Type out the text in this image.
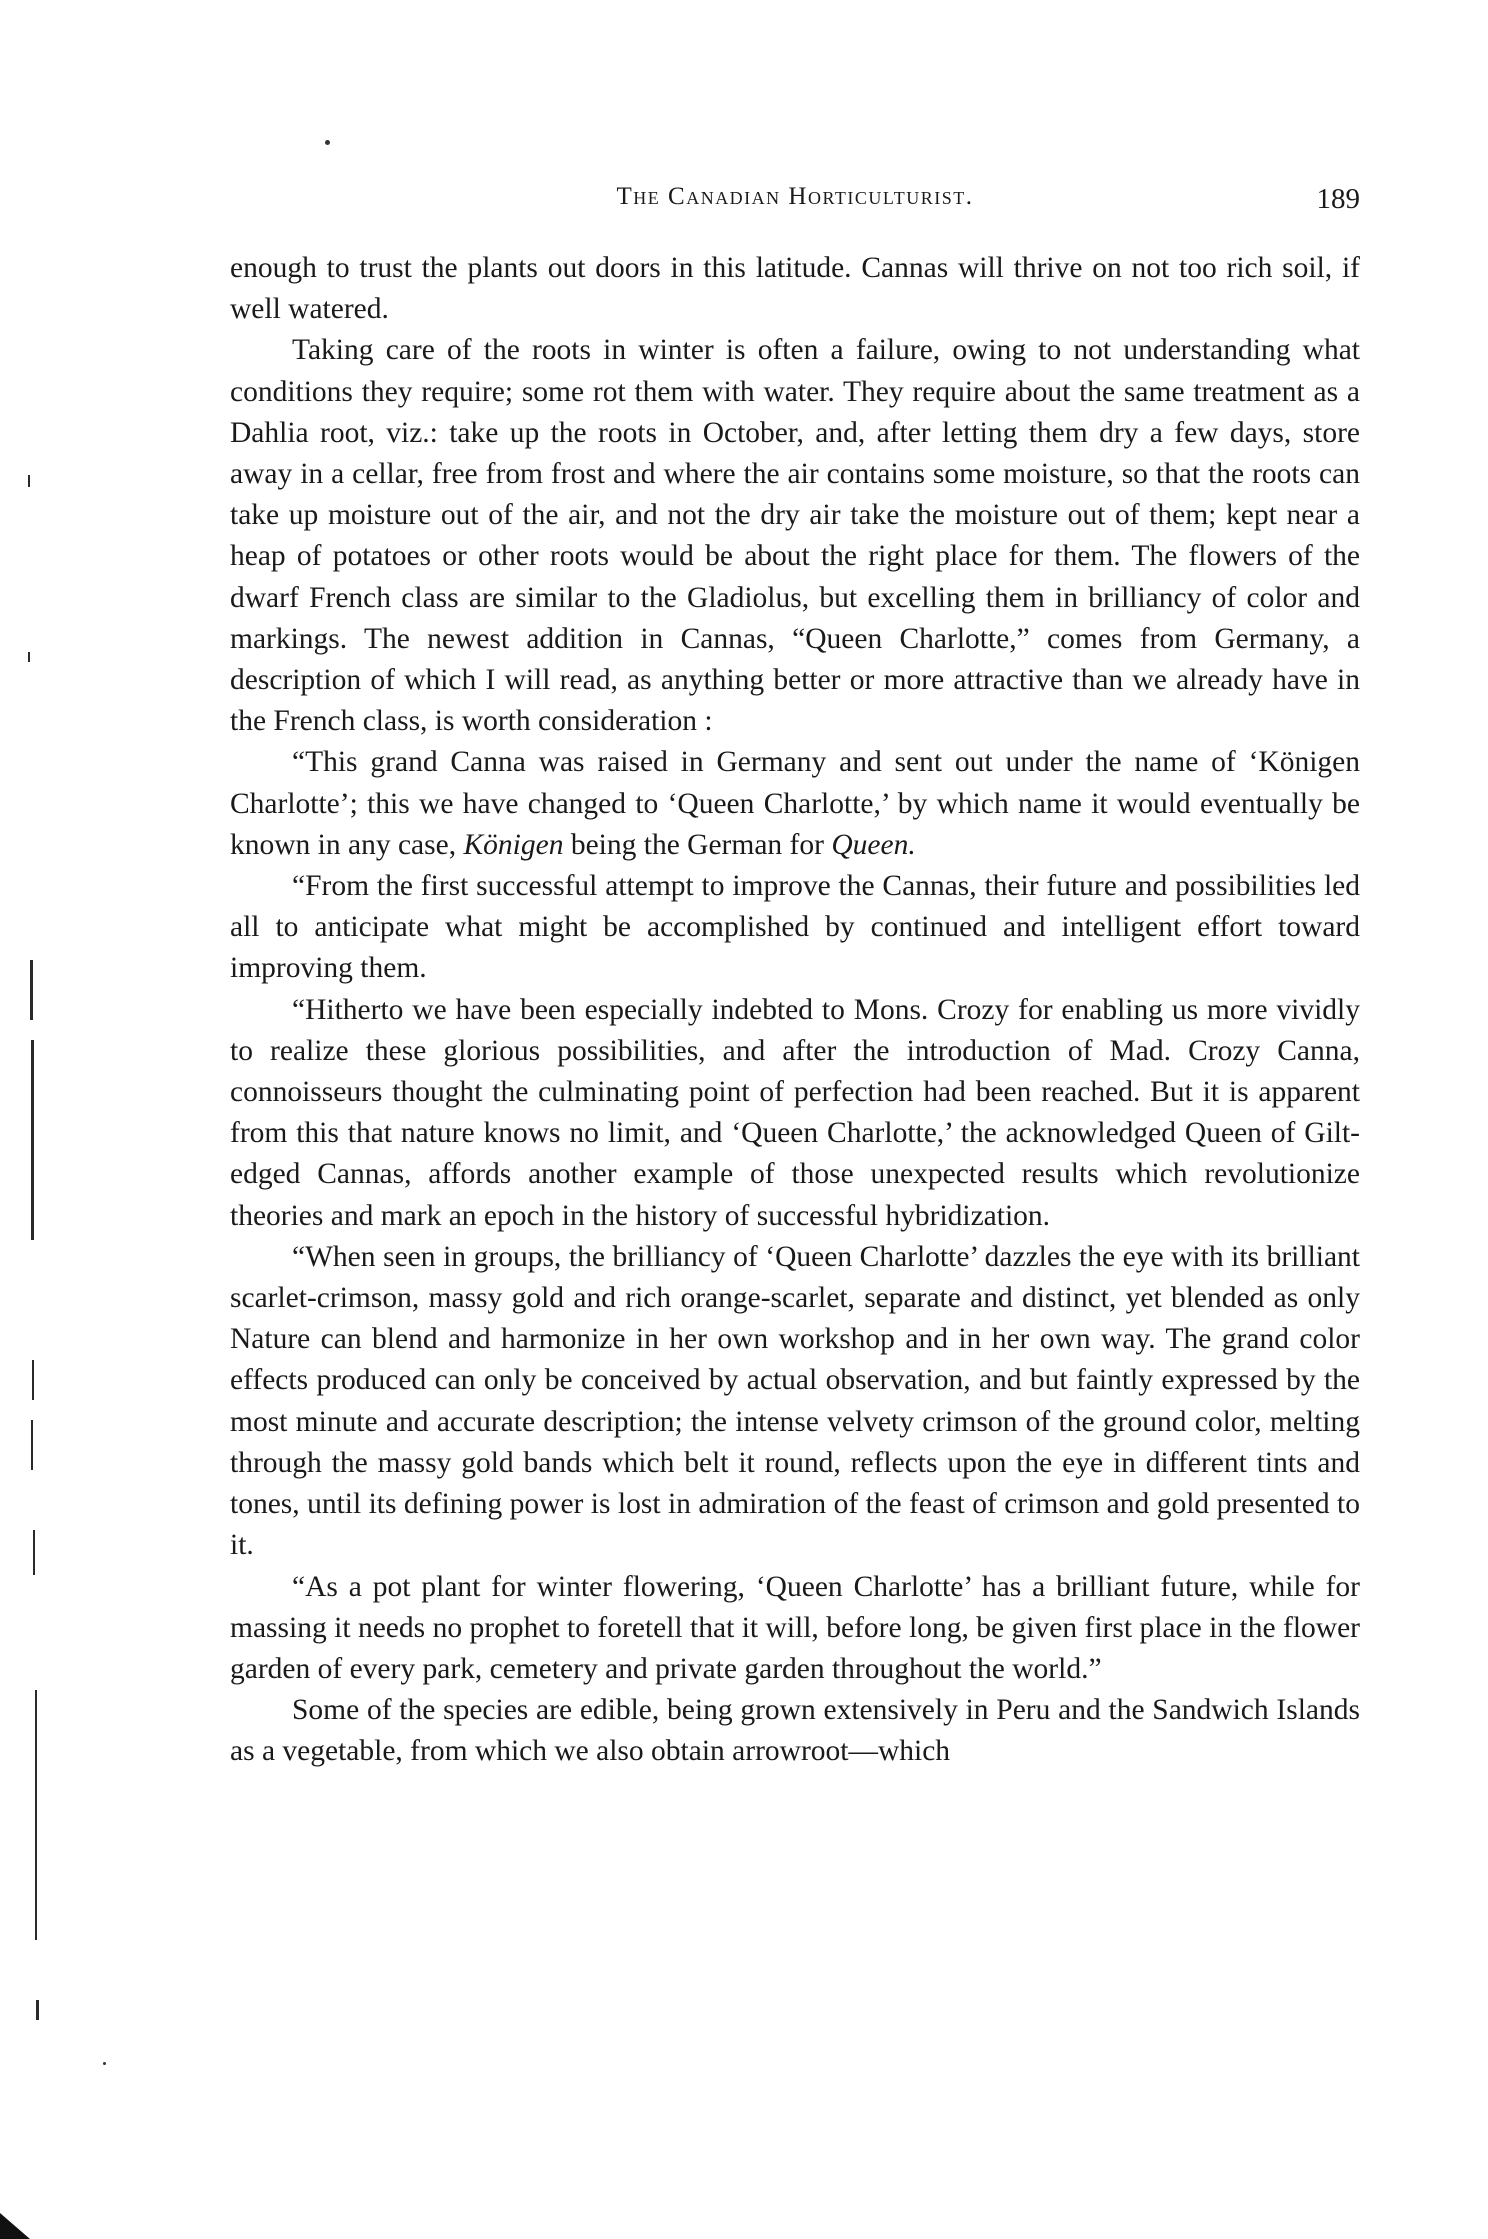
The Canadian Horticulturist.	189

enough to trust the plants out doors in this latitude. Cannas will thrive on not too rich soil, if well watered.

Taking care of the roots in winter is often a failure, owing to not understanding what conditions they require; some rot them with water. They require about the same treatment as a Dahlia root, viz.: take up the roots in October, and, after letting them dry a few days, store away in a cellar, free from frost and where the air contains some moisture, so that the roots can take up moisture out of the air, and not the dry air take the moisture out of them; kept near a heap of potatoes or other roots would be about the right place for them. The flowers of the dwarf French class are similar to the Gladiolus, but excelling them in brilliancy of color and markings. The newest addition in Cannas, “Queen Charlotte,” comes from Germany, a description of which I will read, as anything better or more attractive than we already have in the French class, is worth consideration :

“This grand Canna was raised in Germany and sent out under the name of ‘Königen Charlotte’; this we have changed to ‘Queen Charlotte,’ by which name it would eventually be known in any case, Königen being the German for Queen.

“From the first successful attempt to improve the Cannas, their future and possibilities led all to anticipate what might be accomplished by continued and intelligent effort toward improving them.

“Hitherto we have been especially indebted to Mons. Crozy for enabling us more vividly to realize these glorious possibilities, and after the introduction of Mad. Crozy Canna, connoisseurs thought the culminating point of perfection had been reached. But it is apparent from this that nature knows no limit, and ‘Queen Charlotte,’ the acknowledged Queen of Gilt-edged Cannas, affords another example of those unexpected results which revolutionize theories and mark an epoch in the history of successful hybridization.

“When seen in groups, the brilliancy of ‘Queen Charlotte’ dazzles the eye with its brilliant scarlet-crimson, massy gold and rich orange-scarlet, separate and distinct, yet blended as only Nature can blend and harmonize in her own workshop and in her own way. The grand color effects produced can only be conceived by actual observation, and but faintly expressed by the most minute and accurate description; the intense velvety crimson of the ground color, melting through the massy gold bands which belt it round, reflects upon the eye in different tints and tones, until its defining power is lost in admiration of the feast of crimson and gold presented to it.

“As a pot plant for winter flowering, ‘Queen Charlotte’ has a brilliant future, while for massing it needs no prophet to foretell that it will, before long, be given first place in the flower garden of every park, cemetery and private garden throughout the world.”

Some of the species are edible, being grown extensively in Peru and the Sandwich Islands as a vegetable, from which we also obtain arrowroot—which
